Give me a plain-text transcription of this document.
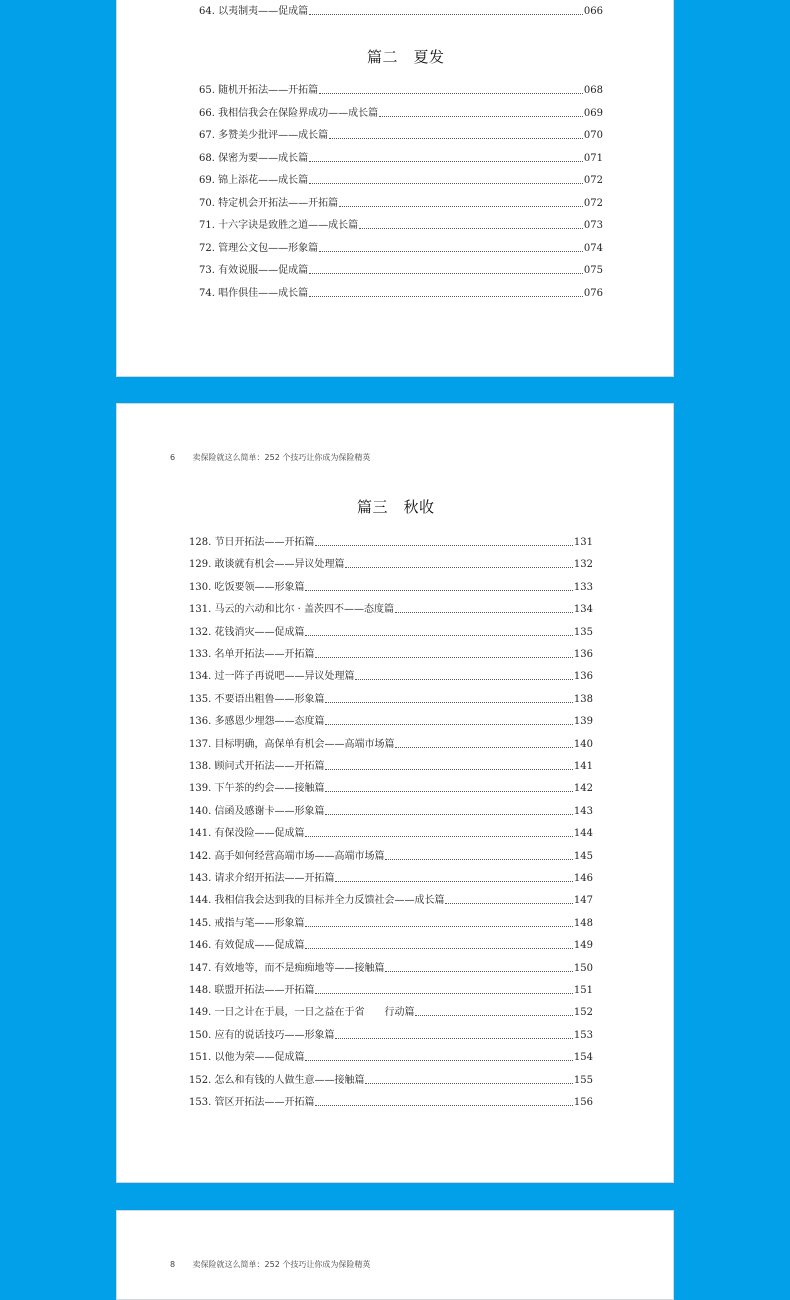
64. 以夷制夷——促成篇	066
篇二　夏发
65. 随机开拓法——开拓篇	068
66. 我相信我会在保险界成功——成长篇	069
67. 多赞美少批评——成长篇	070
68. 保密为要——成长篇	071
69. 锦上添花——成长篇	072
70. 特定机会开拓法——开拓篇	072
71. 十六字诀是致胜之道——成长篇	073
72. 管理公文包——形象篇	074
73. 有效说服——促成篇	075
74. 唱作俱佳——成长篇	076
6 卖保险就这么简单：252 个技巧让你成为保险精英
篇三　秋收
128. 节日开拓法——开拓篇	131
129. 敢谈就有机会——异议处理篇	132
130. 吃饭要领——形象篇	133
131. 马云的六动和比尔 · 盖茨四不——态度篇	134
132. 花钱消灾——促成篇	135
133. 名单开拓法——开拓篇	136
134. 过一阵子再说吧——异议处理篇	136
135. 不要语出粗鲁——形象篇	138
136. 多感恩少埋怨——态度篇	139
137. 目标明确，高保单有机会——高端市场篇	140
138. 顾问式开拓法——开拓篇	141
139. 下午茶的约会——接触篇	142
140. 信函及感谢卡——形象篇	143
141. 有保没险——促成篇	144
142. 高手如何经营高端市场——高端市场篇	145
143. 请求介绍开拓法——开拓篇	146
144. 我相信我会达到我的目标并全力反馈社会——成长篇	147
145. 戒指与笔——形象篇	148
146. 有效促成——促成篇	149
147. 有效地等，而不是痴痴地等——接触篇	150
148. 联盟开拓法——开拓篇	151
149. 一日之计在于晨，一日之益在于省　　行动篇	152
150. 应有的说话技巧——形象篇	153
151. 以他为荣——促成篇	154
152. 怎么和有钱的人做生意——接触篇	155
153. 管区开拓法——开拓篇	156
8 卖保险就这么简单：252 个技巧让你成为保险精英
